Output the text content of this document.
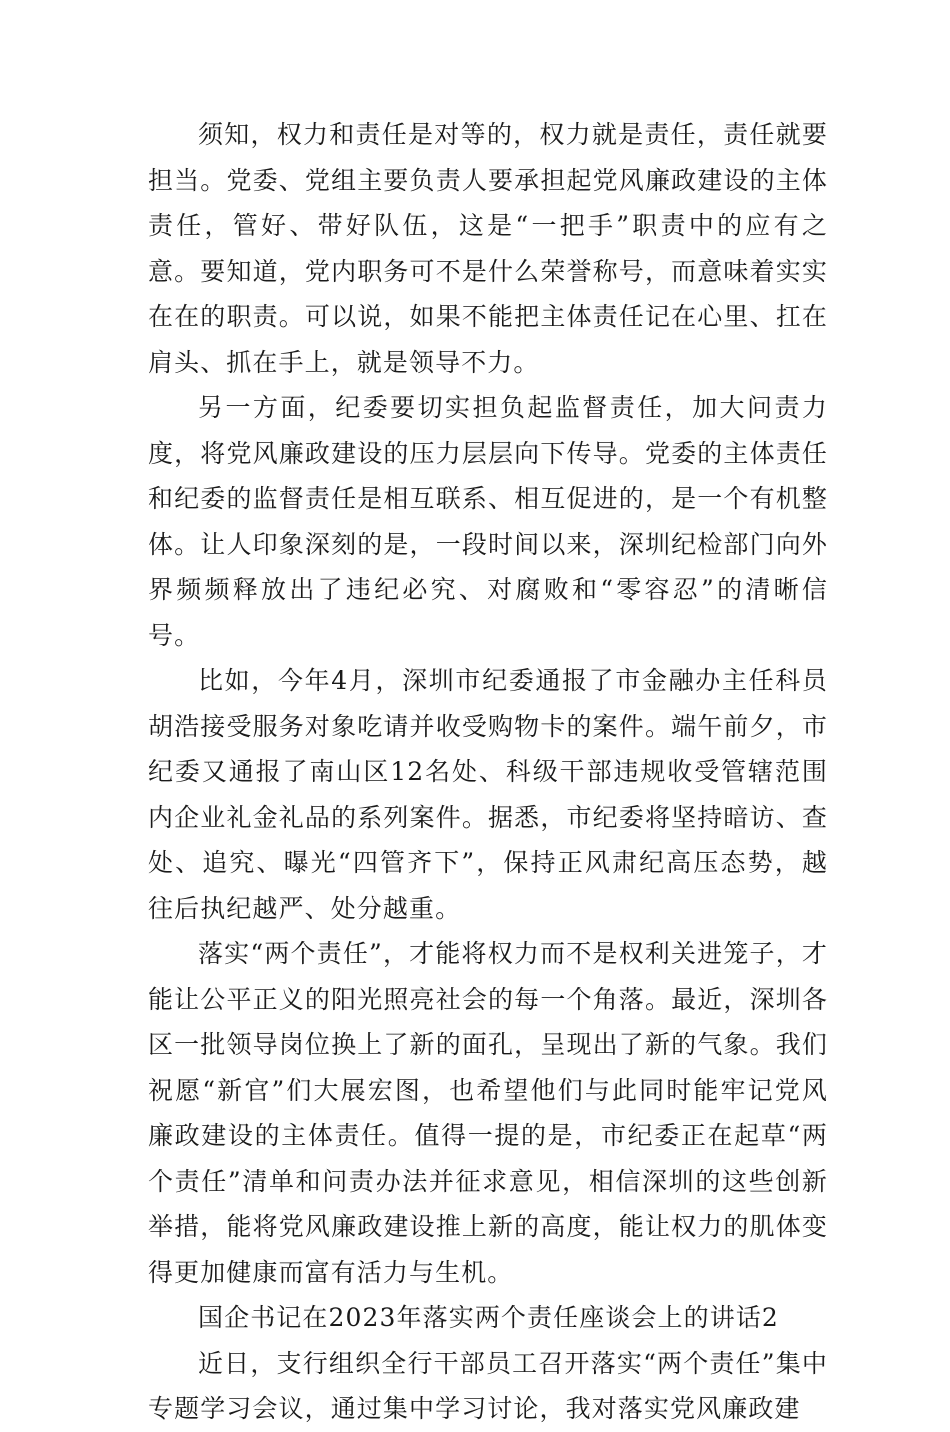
须知，权力和责任是对等的，权力就是责任，责任就要担当。党委、党组主要负责人要承担起党风廉政建设的主体责任，管好、带好队伍，这是“一把手”职责中的应有之意。要知道，党内职务可不是什么荣誉称号，而意味着实实在在的职责。可以说，如果不能把主体责任记在心里、扛在肩头、抓在手上，就是领导不力。

另一方面，纪委要切实担负起监督责任，加大问责力度，将党风廉政建设的压力层层向下传导。党委的主体责任和纪委的监督责任是相互联系、相互促进的，是一个有机整体。让人印象深刻的是，一段时间以来，深圳纪检部门向外界频频释放出了违纪必究、对腐败和“零容忍”的清晰信号。

比如，今年4月，深圳市纪委通报了市金融办主任科员胡浩接受服务对象吃请并收受购物卡的案件。端午前夕，市纪委又通报了南山区12名处、科级干部违规收受管辖范围内企业礼金礼品的系列案件。据悉，市纪委将坚持暗访、查处、追究、曝光“四管齐下”，保持正风肃纪高压态势，越往后执纪越严、处分越重。

落实“两个责任”，才能将权力而不是权利关进笼子，才能让公平正义的阳光照亮社会的每一个角落。最近，深圳各区一批领导岗位换上了新的面孔，呈现出了新的气象。我们祝愿“新官”们大展宏图，也希望他们与此同时能牢记党风廉政建设的主体责任。值得一提的是，市纪委正在起草“两个责任”清单和问责办法并征求意见，相信深圳的这些创新举措，能将党风廉政建设推上新的高度，能让权力的肌体变得更加健康而富有活力与生机。

国企书记在2023年落实两个责任座谈会上的讲话2

近日，支行组织全行干部员工召开落实“两个责任”集中专题学习会议，通过集中学习讨论，我对落实党风廉政建
